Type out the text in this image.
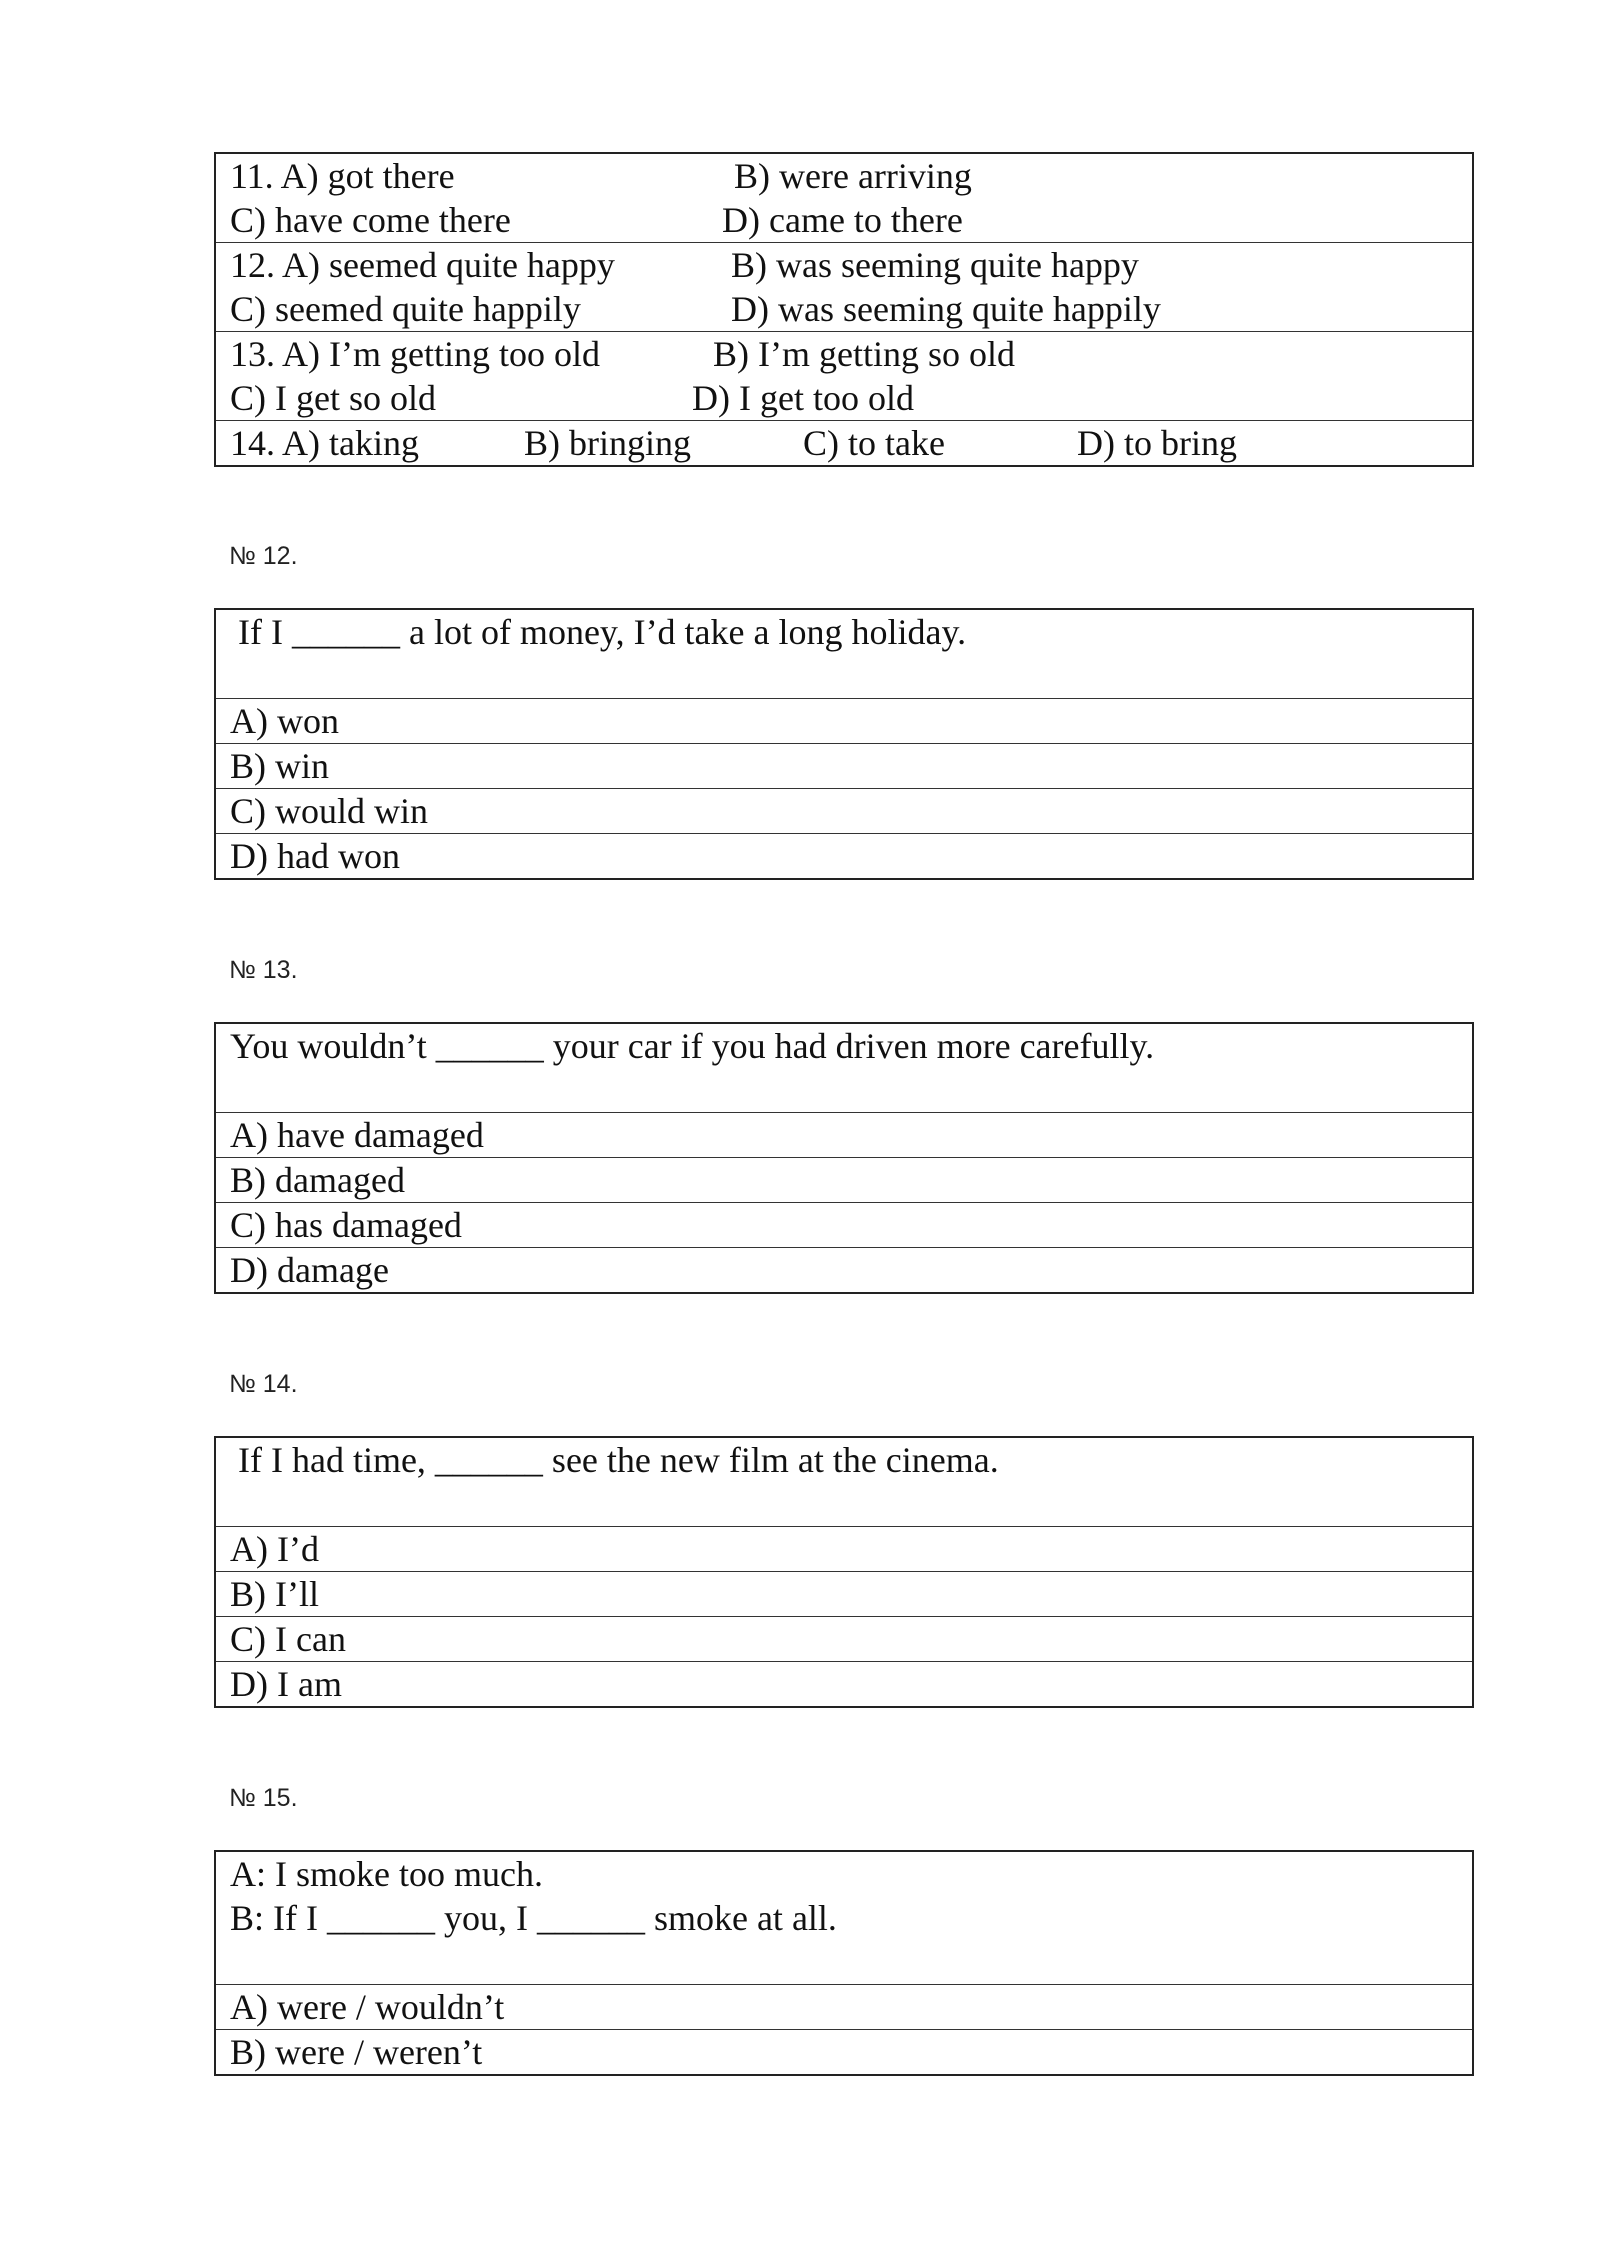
11. A) got there	B) were arriving
C) have come there	D) came to there
12. A) seemed quite happy	B) was seeming quite happy
C) seemed quite happily	D) was seeming quite happily
13. A) I’m getting too old	B) I’m getting so old
C) I get so old	D) I get too old
14. A) taking	B) bringing	C) to take	D) to bring
№ 12.
If I ______ a lot of money, I’d take a long holiday.
A) won
B) win
C) would win
D) had won
№ 13.
You wouldn’t ______ your car if you had driven more carefully.
A) have damaged
B) damaged
C) has damaged
D) damage
№ 14.
If I had time, ______ see the new film at the cinema.
A) I’d
B) I’ll
C) I can
D) I am
№ 15.
A: I smoke too much.
B: If I ______ you, I ______ smoke at all.
A) were / wouldn’t
B) were / weren’t
